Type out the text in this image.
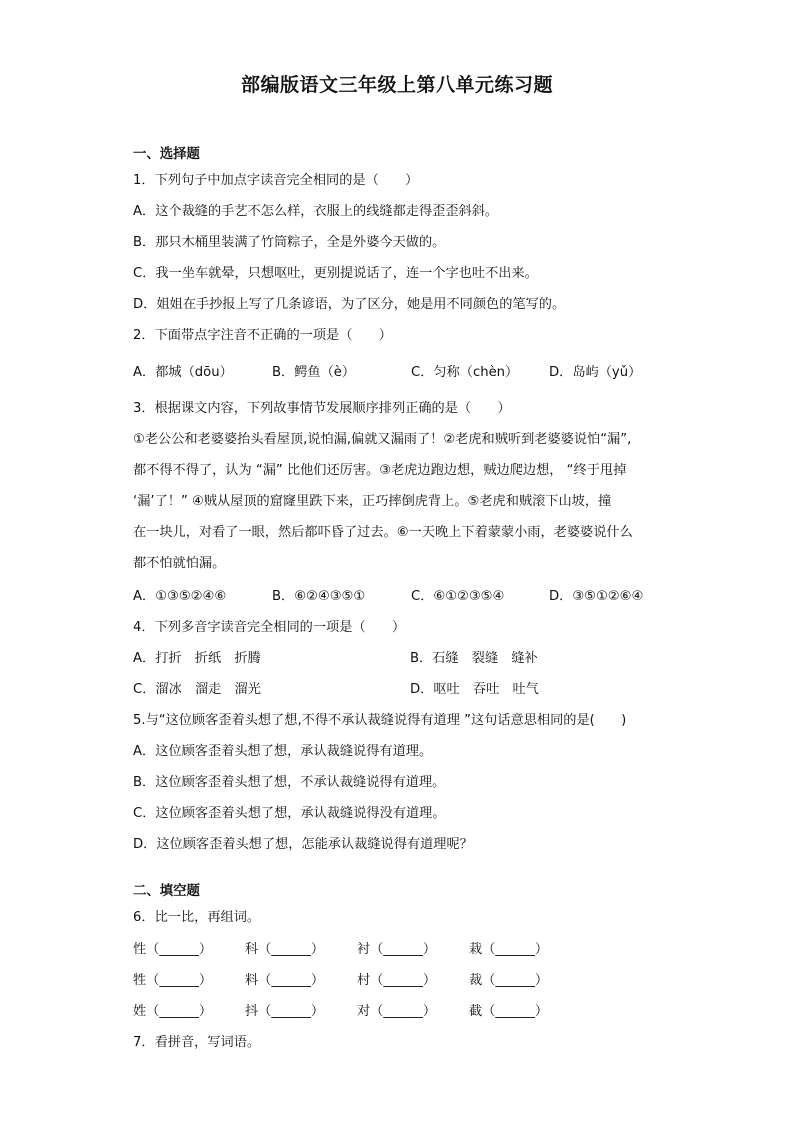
部编版语文三年级上第八单元练习题
一、选择题
1．下列句子中加点字读音完全相同的是（　　）
A．这个裁缝的手艺不怎么样，衣服上的线缝都走得歪歪斜斜。
B．那只木桶里装满了竹筒粽子，全是外婆今天做的。
C．我一坐车就晕，只想呕吐，更别提说话了，连一个字也吐不出来。
D．姐姐在手抄报上写了几条谚语，为了区分，她是用不同颜色的笔写的。
2．下面带点字注音不正确的一项是（　　）
A．都城（dōu）	B．鳄鱼（è）	C．匀称（chèn） D．岛屿（yǔ）
3．根据课文内容，下列故事情节发展顺序排列正确的是（　　）
①老公公和老婆婆抬头看屋顶,说怕漏,偏就又漏雨了！②老虎和贼听到老婆婆说怕“漏”,
都不得不得了，认为 “漏” 比他们还厉害。③老虎边跑边想，贼边爬边想， “终于甩掉
‘漏’了！” ④贼从屋顶的窟窿里跌下来，正巧摔倒虎背上。⑤老虎和贼滚下山坡，撞
在一块儿，对看了一眼，然后都吓昏了过去。⑥一天晚上下着蒙蒙小雨，老婆婆说什么
都不怕就怕漏。
A．①③⑤②④⑥	B．⑥②④③⑤①	C．⑥①②③⑤④	D．③⑤①②⑥④
4．下列多音字读音完全相同的一项是（　　）
A．打折　折纸　折腾	B．石缝　裂缝　缝补
C．溜冰　溜走　溜光	D．呕吐　吞吐　吐气
5.与“这位顾客歪着头想了想,不得不承认裁缝说得有道理 ”这句话意思相同的是(　　)
A．这位顾客歪着头想了想，承认裁缝说得有道理。
B．这位顾客歪着头想了想，不承认裁缝说得有道理。
C．这位顾客歪着头想了想，承认裁缝说得没有道理。
D．这位顾客歪着头想了想，怎能承认裁缝说得有道理呢？
二、填空题
6．比一比，再组词。
性（______） 科（______） 衬（______） 栽（______）
牲（______） 料（______） 村（______） 裁（______）
姓（______） 抖（______） 对（______） 截（______）
7．看拼音，写词语。
